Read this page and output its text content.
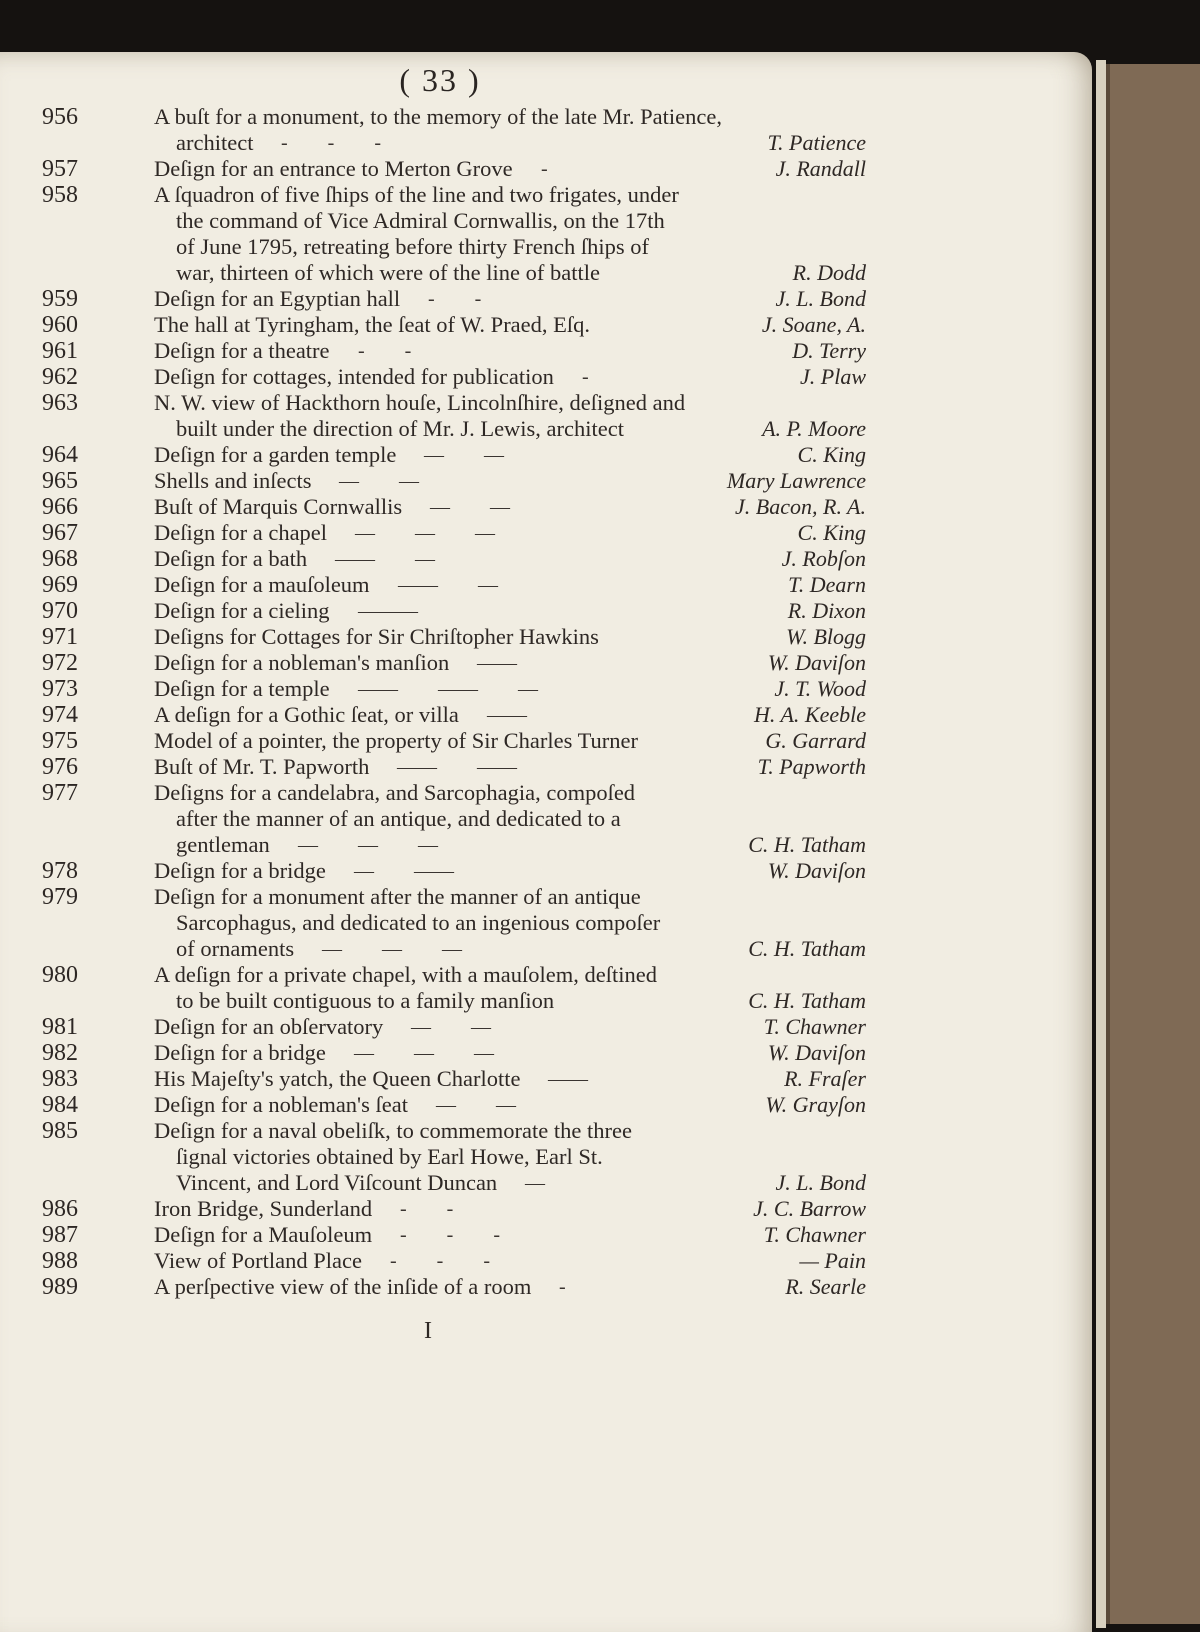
( 33 )
956	A buſt for a monument, to the memory of the late Mr. Patience,
architect -        -        -	T. Patience
957	Deſign for an entrance to Merton Grove -	J. Randall
958	A ſquadron of five ſhips of the line and two frigates, under
the command of Vice Admiral Cornwallis, on the 17th
of June 1795, retreating before thirty French ſhips of
war, thirteen of which were of the line of battle	R. Dodd
959	Deſign for an Egyptian hall -        -	J. L. Bond
960	The hall at Tyringham, the ſeat of W. Praed, Eſq.	J. Soane, A.
961	Deſign for a theatre -        -	D. Terry
962	Deſign for cottages, intended for publication -	J. Plaw
963	N. W. view of Hackthorn houſe, Lincolnſhire, deſigned and
built under the direction of Mr. J. Lewis, architect	A. P. Moore
964	Deſign for a garden temple —        —	C. King
965	Shells and inſects —        —	Mary Lawrence
966	Buſt of Marquis Cornwallis —        —	J. Bacon, R. A.
967	Deſign for a chapel —        —        —	C. King
968	Deſign for a bath ——        —	J. Robſon
969	Deſign for a mauſoleum ——        —	T. Dearn
970	Deſign for a cieling ———	R. Dixon
971	Deſigns for Cottages for Sir Chriſtopher Hawkins	W. Blogg
972	Deſign for a nobleman's manſion ——	W. Daviſon
973	Deſign for a temple ——        ——        —	J. T. Wood
974	A deſign for a Gothic ſeat, or villa ——	H. A. Keeble
975	Model of a pointer, the property of Sir Charles Turner	G. Garrard
976	Buſt of Mr. T. Papworth ——        ——	T. Papworth
977	Deſigns for a candelabra, and Sarcophagia, compoſed
after the manner of an antique, and dedicated to a
gentleman —        —        —	C. H. Tatham
978	Deſign for a bridge —        ——	W. Daviſon
979	Deſign for a monument after the manner of an antique
Sarcophagus, and dedicated to an ingenious compoſer
of ornaments —        —        —	C. H. Tatham
980	A deſign for a private chapel, with a mauſolem, deſtined
to be built contiguous to a family manſion	C. H. Tatham
981	Deſign for an obſervatory —        —	T. Chawner
982	Deſign for a bridge —        —        —	W. Daviſon
983	His Majeſty's yatch, the Queen Charlotte ——	R. Fraſer
984	Deſign for a nobleman's ſeat —        —	W. Grayſon
985	Deſign for a naval obeliſk, to commemorate the three
ſignal victories obtained by Earl Howe, Earl St.
Vincent, and Lord Viſcount Duncan —	J. L. Bond
986	Iron Bridge, Sunderland -        -	J. C. Barrow
987	Deſign for a Mauſoleum -        -        -	T. Chawner
988	View of Portland Place -        -        -	— Pain
989	A perſpective view of the inſide of a room -	R. Searle
I
